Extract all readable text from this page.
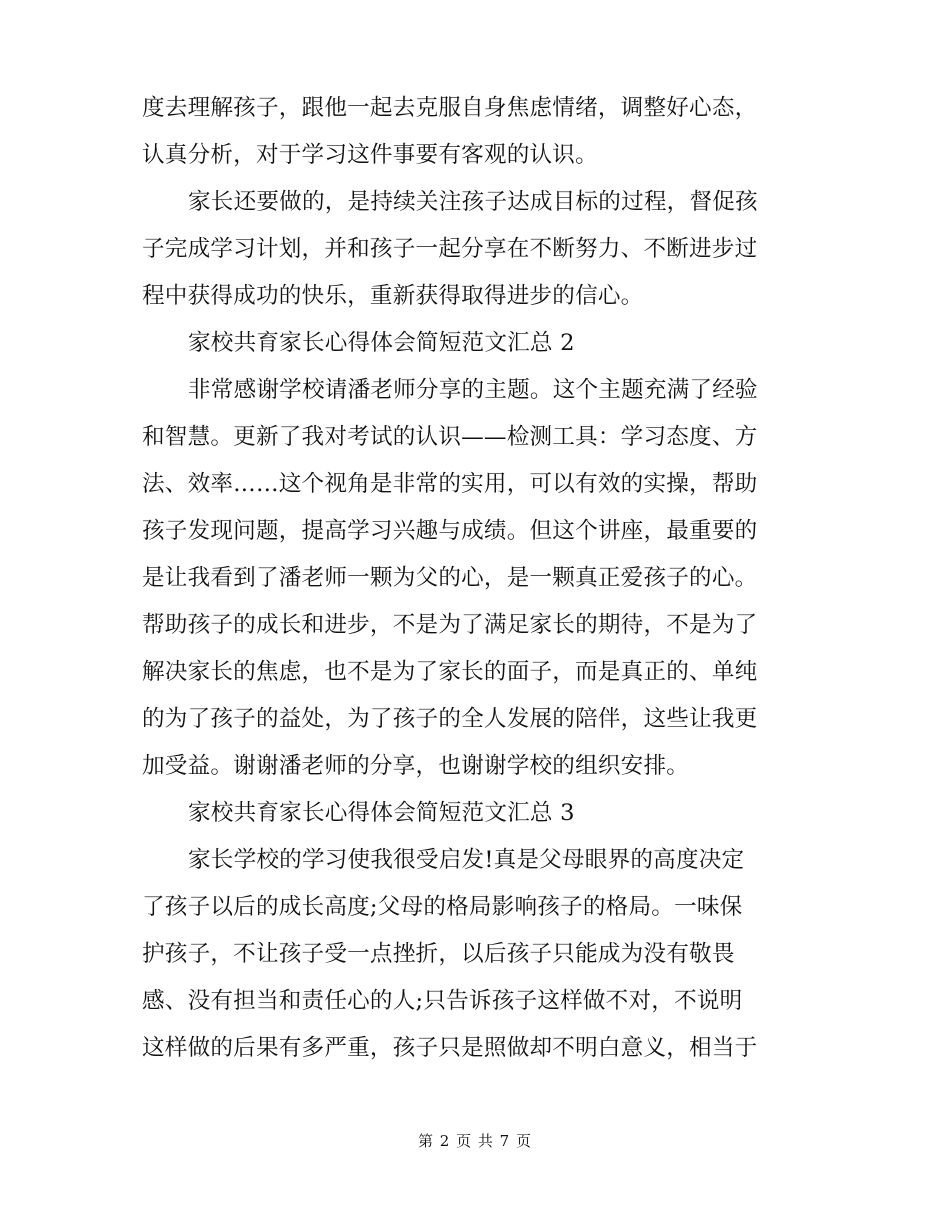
度去理解孩子，跟他一起去克服自身焦虑情绪，调整好心态，
认真分析，对于学习这件事要有客观的认识。
家长还要做的，是持续关注孩子达成目标的过程，督促孩
子完成学习计划，并和孩子一起分享在不断努力、不断进步过
程中获得成功的快乐，重新获得取得进步的信心。
家校共育家长心得体会简短范文汇总 2
非常感谢学校请潘老师分享的主题。这个主题充满了经验
和智慧。更新了我对考试的认识——检测工具：学习态度、方
法、效率……这个视角是非常的实用，可以有效的实操，帮助
孩子发现问题，提高学习兴趣与成绩。但这个讲座，最重要的
是让我看到了潘老师一颗为父的心，是一颗真正爱孩子的心。
帮助孩子的成长和进步，不是为了满足家长的期待，不是为了
解决家长的焦虑，也不是为了家长的面子，而是真正的、单纯
的为了孩子的益处，为了孩子的全人发展的陪伴，这些让我更
加受益。谢谢潘老师的分享，也谢谢学校的组织安排。
家校共育家长心得体会简短范文汇总 3
家长学校的学习使我很受启发!真是父母眼界的高度决定
了孩子以后的成长高度;父母的格局影响孩子的格局。一味保
护孩子，不让孩子受一点挫折，以后孩子只能成为没有敬畏
感、没有担当和责任心的人;只告诉孩子这样做不对，不说明
这样做的后果有多严重，孩子只是照做却不明白意义，相当于
第 2 页 共 7 页
